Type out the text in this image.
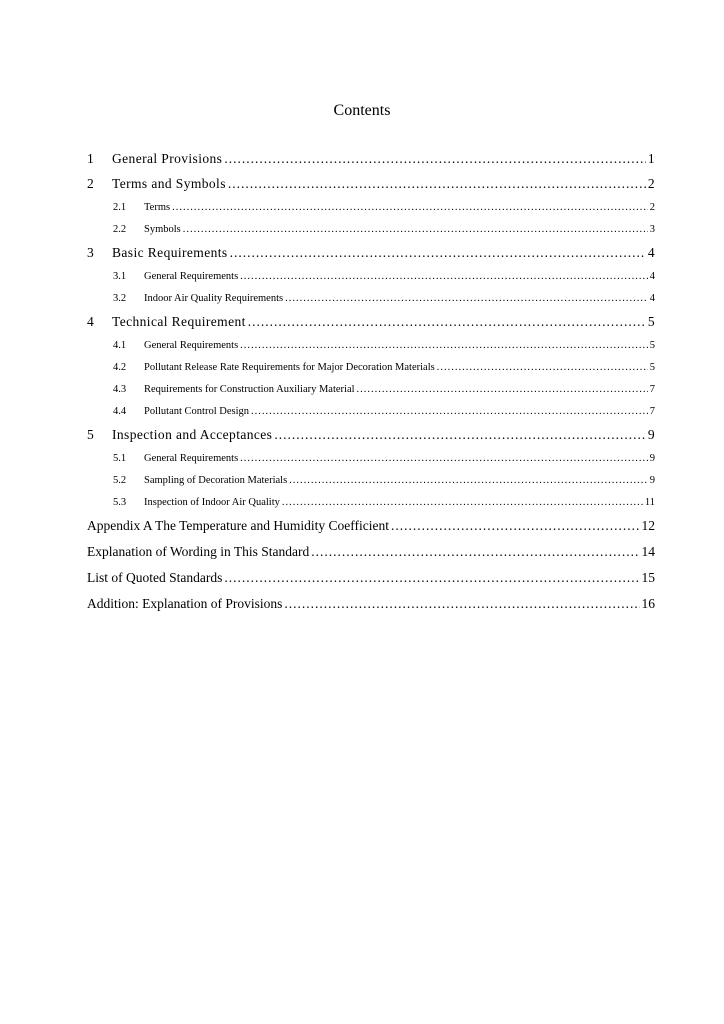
Contents
1	General Provisions .....	1
2	Terms and Symbols .....	2
2.1	Terms .....	2
2.2	Symbols .....	3
3	Basic Requirements .....	4
3.1	General Requirements .....	4
3.2	Indoor Air Quality Requirements .....	4
4	Technical Requirement .....	5
4.1	General Requirements .....	5
4.2	Pollutant Release Rate Requirements for Major Decoration Materials .....	5
4.3	Requirements for Construction Auxiliary Material .....	7
4.4	Pollutant Control Design .....	7
5	Inspection and Acceptances .....	9
5.1	General Requirements .....	9
5.2	Sampling of Decoration Materials .....	9
5.3	Inspection of Indoor Air Quality .....	11
Appendix A The Temperature and Humidity Coefficient .....	12
Explanation of Wording in This Standard .....	14
List of Quoted Standards .....	15
Addition: Explanation of Provisions .....	16
